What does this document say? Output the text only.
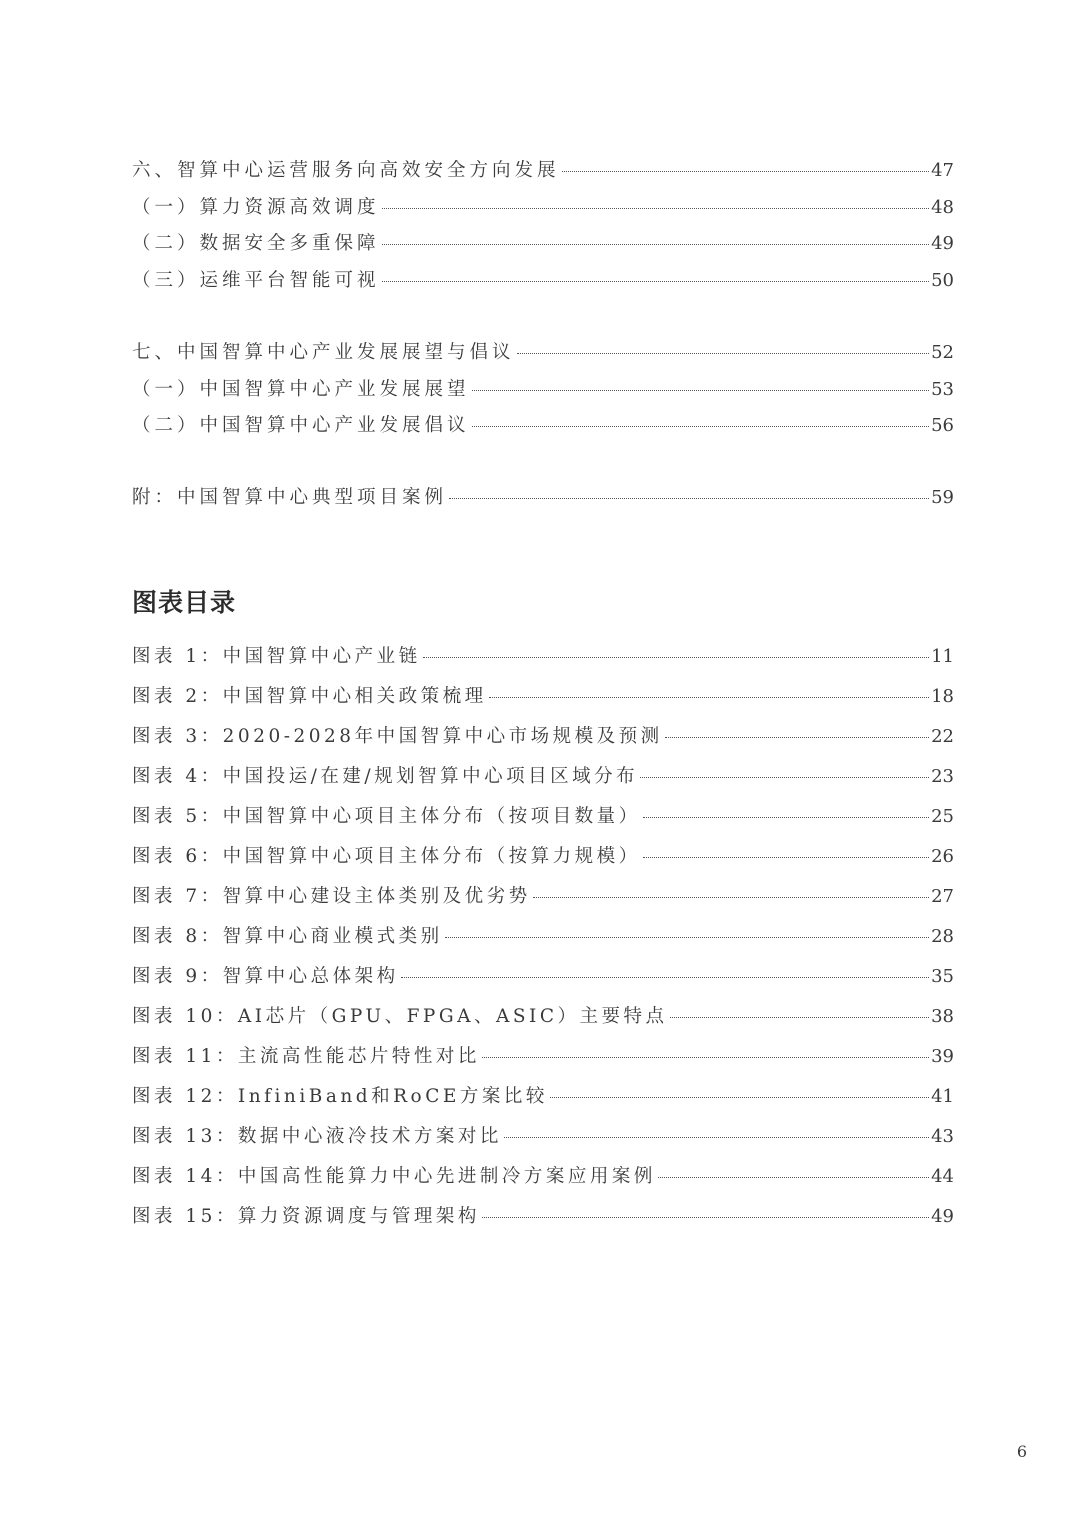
六、智算中心运营服务向高效安全方向发展	47
（一）算力资源高效调度	48
（二）数据安全多重保障	49
（三）运维平台智能可视	50
七、中国智算中心产业发展展望与倡议	52
（一）中国智算中心产业发展展望	53
（二）中国智算中心产业发展倡议	56
附：中国智算中心典型项目案例	59
图表目录
图表 1：中国智算中心产业链	11
图表 2：中国智算中心相关政策梳理	18
图表 3：2020-2028年中国智算中心市场规模及预测	22
图表 4：中国投运/在建/规划智算中心项目区域分布	23
图表 5：中国智算中心项目主体分布（按项目数量）	25
图表 6：中国智算中心项目主体分布（按算力规模）	26
图表 7：智算中心建设主体类别及优劣势	27
图表 8：智算中心商业模式类别	28
图表 9：智算中心总体架构	35
图表 10：AI芯片（GPU、FPGA、ASIC）主要特点	38
图表 11：主流高性能芯片特性对比	39
图表 12：InfiniBand和RoCE方案比较	41
图表 13：数据中心液冷技术方案对比	43
图表 14：中国高性能算力中心先进制冷方案应用案例	44
图表 15：算力资源调度与管理架构	49
6
